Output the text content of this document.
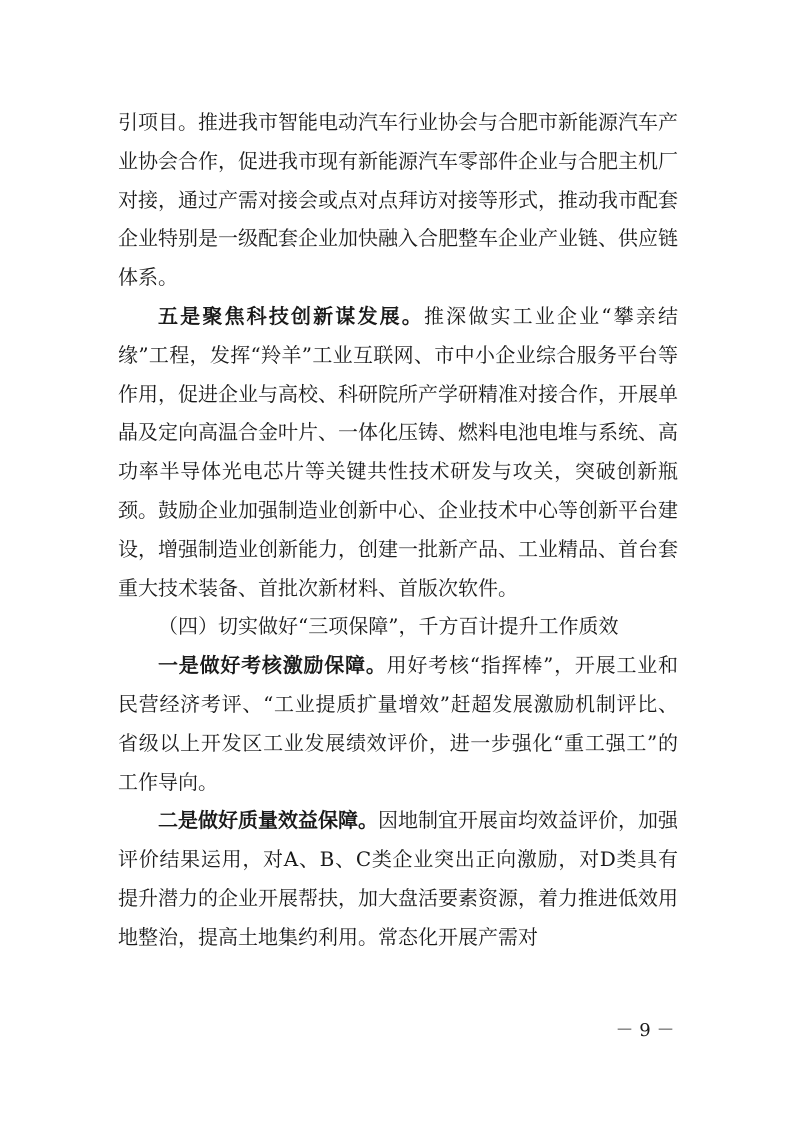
引项目。推进我市智能电动汽车行业协会与合肥市新能源汽车产业协会合作，促进我市现有新能源汽车零部件企业与合肥主机厂对接，通过产需对接会或点对点拜访对接等形式，推动我市配套企业特别是一级配套企业加快融入合肥整车企业产业链、供应链体系。

五是聚焦科技创新谋发展。推深做实工业企业“攀亲结缘”工程，发挥“羚羊”工业互联网、市中小企业综合服务平台等作用，促进企业与高校、科研院所产学研精准对接合作，开展单晶及定向高温合金叶片、一体化压铸、燃料电池电堆与系统、高功率半导体光电芯片等关键共性技术研发与攻关，突破创新瓶颈。鼓励企业加强制造业创新中心、企业技术中心等创新平台建设，增强制造业创新能力，创建一批新产品、工业精品、首台套重大技术装备、首批次新材料、首版次软件。

（四）切实做好“三项保障”，千方百计提升工作质效

一是做好考核激励保障。用好考核“指挥棒”，开展工业和民营经济考评、“工业提质扩量增效”赶超发展激励机制评比、省级以上开发区工业发展绩效评价，进一步强化“重工强工”的工作导向。

二是做好质量效益保障。因地制宜开展亩均效益评价，加强评价结果运用，对A、B、C类企业突出正向激励，对D类具有提升潜力的企业开展帮扶，加大盘活要素资源，着力推进低效用地整治，提高土地集约利用。常态化开展产需对

－ 9 －
